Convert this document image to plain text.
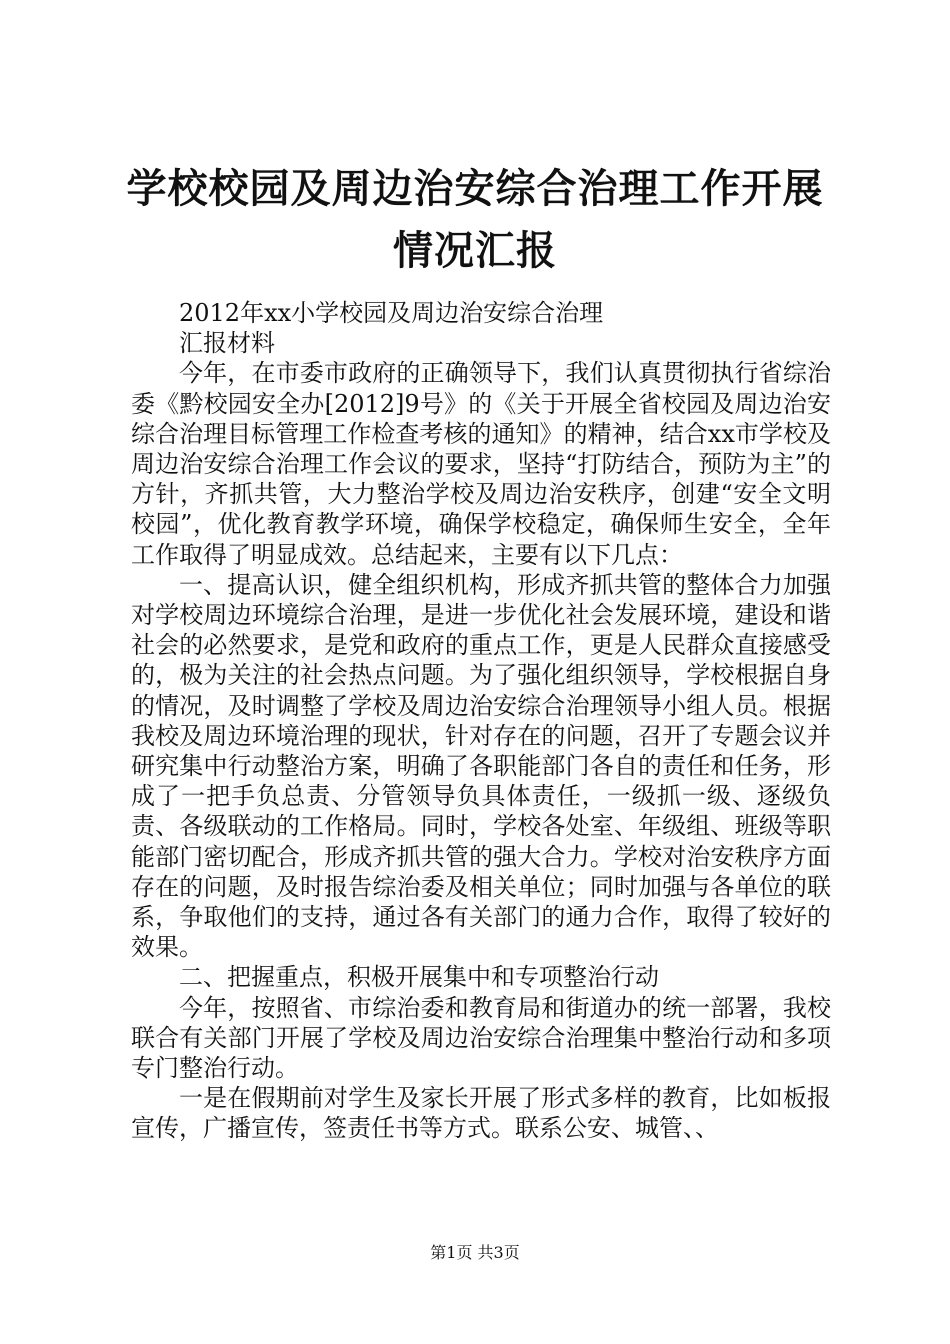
学校校园及周边治安综合治理工作开展情况汇报

2012年xx小学校园及周边治安综合治理

汇报材料

今年，在市委市政府的正确领导下，我们认真贯彻执行省综治委《黔校园安全办[2012]9号》的《关于开展全省校园及周边治安综合治理目标管理工作检查考核的通知》的精神，结合xx市学校及周边治安综合治理工作会议的要求，坚持“打防结合，预防为主”的方针，齐抓共管，大力整治学校及周边治安秩序，创建“安全文明校园”，优化教育教学环境，确保学校稳定，确保师生安全，全年工作取得了明显成效。总结起来，主要有以下几点：

一、提高认识，健全组织机构，形成齐抓共管的整体合力加强对学校周边环境综合治理，是进一步优化社会发展环境，建设和谐社会的必然要求，是党和政府的重点工作，更是人民群众直接感受的，极为关注的社会热点问题。为了强化组织领导，学校根据自身的情况，及时调整了学校及周边治安综合治理领导小组人员。根据我校及周边环境治理的现状，针对存在的问题，召开了专题会议并研究集中行动整治方案，明确了各职能部门各自的责任和任务，形成了一把手负总责、分管领导负具体责任，一级抓一级、逐级负责、各级联动的工作格局。同时，学校各处室、年级组、班级等职能部门密切配合，形成齐抓共管的强大合力。学校对治安秩序方面存在的问题，及时报告综治委及相关单位；同时加强与各单位的联系，争取他们的支持，通过各有关部门的通力合作，取得了较好的效果。

二、把握重点，积极开展集中和专项整治行动

今年，按照省、市综治委和教育局和街道办的统一部署，我校联合有关部门开展了学校及周边治安综合治理集中整治行动和多项专门整治行动。

一是在假期前对学生及家长开展了形式多样的教育，比如板报宣传，广播宣传，签责任书等方式。联系公安、城管、、

第1页 共3页
